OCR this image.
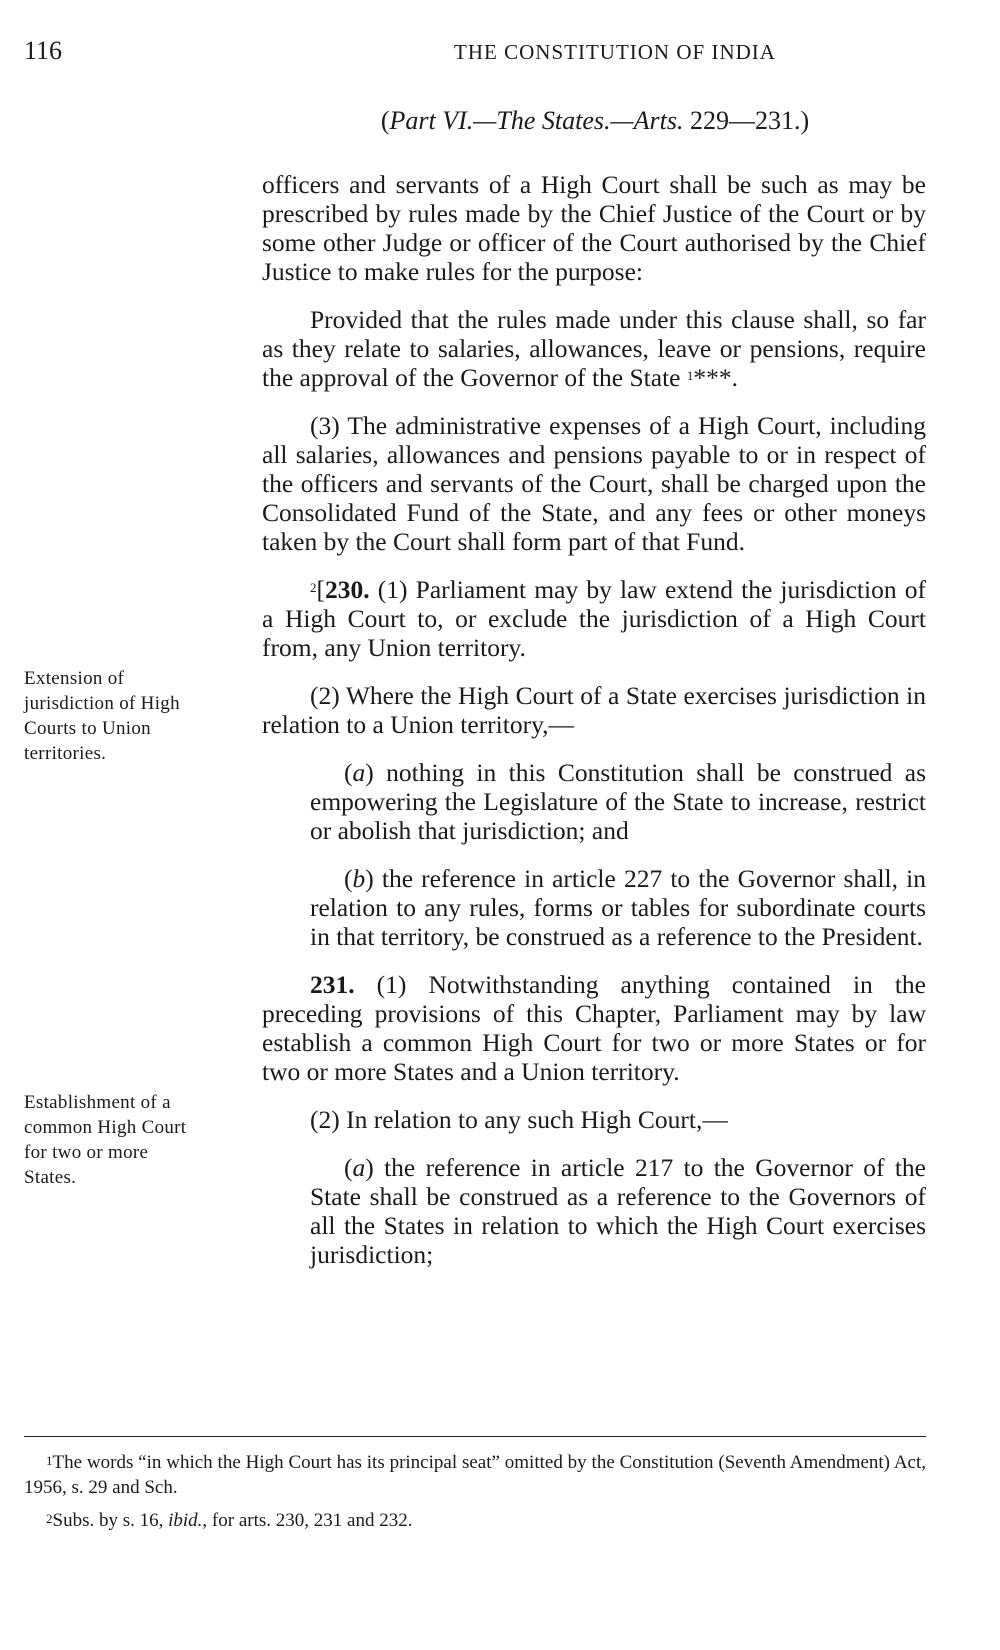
116	THE CONSTITUTION OF INDIA
(Part VI.—The States.—Arts. 229—231.)

officers and servants of a High Court shall be such as may be prescribed by rules made by the Chief Justice of the Court or by some other Judge or officer of the Court authorised by the Chief Justice to make rules for the purpose:

Provided that the rules made under this clause shall, so far as they relate to salaries, allowances, leave or pensions, require the approval of the Governor of the State $^1$***.

(3) The administrative expenses of a High Court, including all salaries, allowances and pensions payable to or in respect of the officers and servants of the Court, shall be charged upon the Consolidated Fund of the State, and any fees or other moneys taken by the Court shall form part of that Fund.

$^2$[230. (1) Parliament may by law extend the jurisdiction of a High Court to, or exclude the jurisdiction of a High Court from, any Union territory.

(2) Where the High Court of a State exercises jurisdiction in relation to a Union territory,—

(a) nothing in this Constitution shall be construed as empowering the Legislature of the State to increase, restrict or abolish that jurisdiction; and

(b) the reference in article 227 to the Governor shall, in relation to any rules, forms or tables for subordinate courts in that territory, be construed as a reference to the President.

231. (1) Notwithstanding anything contained in the preceding provisions of this Chapter, Parliament may by law establish a common High Court for two or more States or for two or more States and a Union territory.

(2) In relation to any such High Court,—

(a) the reference in article 217 to the Governor of the State shall be construed as a reference to the Governors of all the States in relation to which the High Court exercises jurisdiction;

Extension of jurisdiction of High Courts to Union territories.
Establishment of a common High Court for two or more States.

$^1$The words “in which the High Court has its principal seat” omitted by the Constitution (Seventh Amendment) Act, 1956, s. 29 and Sch.

$^2$Subs. by s. 16, ibid., for arts. 230, 231 and 232.
